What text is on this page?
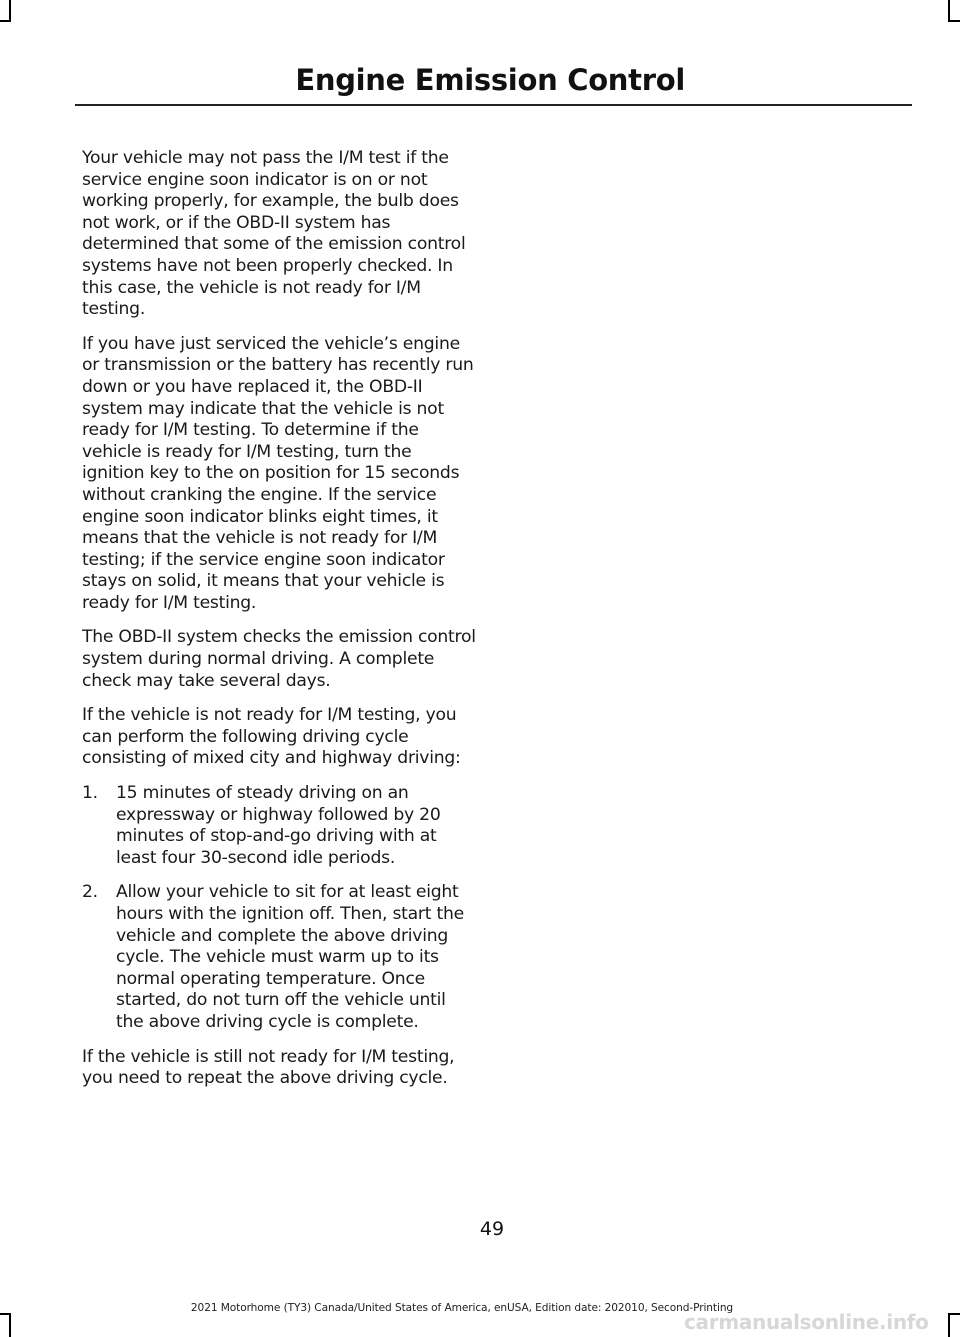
Engine Emission Control

Your vehicle may not pass the I/M test if the service engine soon indicator is on or not working properly, for example, the bulb does not work, or if the OBD-II system has determined that some of the emission control systems have not been properly checked. In this case, the vehicle is not ready for I/M testing.

If you have just serviced the vehicle’s engine or transmission or the battery has recently run down or you have replaced it, the OBD-II system may indicate that the vehicle is not ready for I/M testing. To determine if the vehicle is ready for I/M testing, turn the ignition key to the on position for 15 seconds without cranking the engine. If the service engine soon indicator blinks eight times, it means that the vehicle is not ready for I/M testing; if the service engine soon indicator stays on solid, it means that your vehicle is ready for I/M testing.

The OBD-II system checks the emission control system during normal driving. A complete check may take several days.

If the vehicle is not ready for I/M testing, you can perform the following driving cycle consisting of mixed city and highway driving:

1. 15 minutes of steady driving on an expressway or highway followed by 20 minutes of stop-and-go driving with at least four 30-second idle periods.
2. Allow your vehicle to sit for at least eight hours with the ignition off. Then, start the vehicle and complete the above driving cycle. The vehicle must warm up to its normal operating temperature. Once started, do not turn off the vehicle until the above driving cycle is complete.

If the vehicle is still not ready for I/M testing, you need to repeat the above driving cycle.

49
2021 Motorhome (TY3) Canada/United States of America, enUSA, Edition date: 202010, Second-Printing
carmanualsonline.info
